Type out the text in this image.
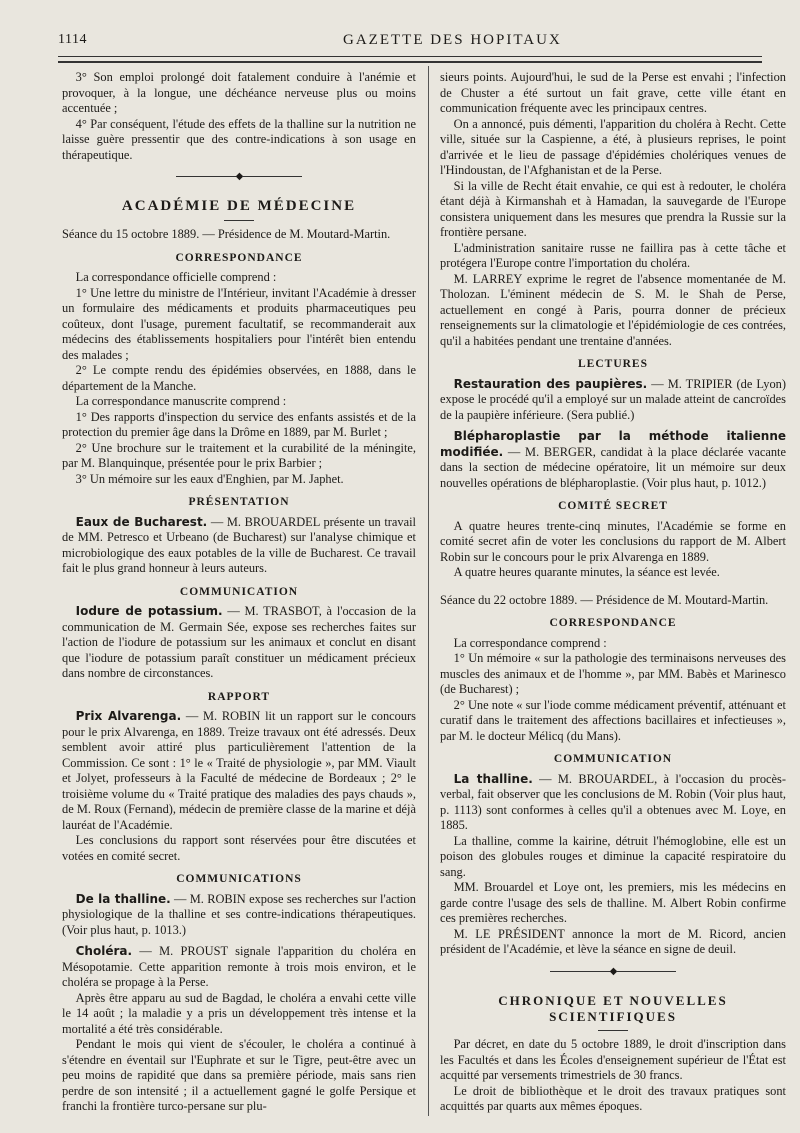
1114	GAZETTE DES HOPITAUX

3° Son emploi prolongé doit fatalement conduire à l'anémie et provoquer, à la longue, une déchéance nerveuse plus ou moins accentuée ;

4° Par conséquent, l'étude des effets de la thalline sur la nutrition ne laisse guère pressentir que des contre-indications à son usage en thérapeutique.

◆
ACADÉMIE DE MÉDECINE

Séance du 15 octobre 1889. — Présidence de M. Moutard-Martin.

CORRESPONDANCE

La correspondance officielle comprend :

1° Une lettre du ministre de l'Intérieur, invitant l'Académie à dresser un formulaire des médicaments et produits pharmaceutiques peu coûteux, dont l'usage, purement facultatif, se recommanderait aux médecins des établissements hospitaliers pour l'intérêt bien entendu des malades ;

2° Le compte rendu des épidémies observées, en 1888, dans le département de la Manche.

La correspondance manuscrite comprend :

1° Des rapports d'inspection du service des enfants assistés et de la protection du premier âge dans la Drôme en 1889, par M. Burlet ;

2° Une brochure sur le traitement et la curabilité de la méningite, par M. Blanquinque, présentée pour le prix Barbier ;

3° Un mémoire sur les eaux d'Enghien, par M. Japhet.

PRÉSENTATION

Eaux de Bucharest. — M. BROUARDEL présente un travail de MM. Petresco et Urbeano (de Bucharest) sur l'analyse chimique et microbiologique des eaux potables de la ville de Bucharest. Ce travail fait le plus grand honneur à leurs auteurs.

COMMUNICATION

Iodure de potassium. — M. TRASBOT, à l'occasion de la communication de M. Germain Sée, expose ses recherches faites sur l'action de l'iodure de potassium sur les animaux et conclut en disant que l'iodure de potassium paraît constituer un médicament précieux dans nombre de circonstances.

RAPPORT

Prix Alvarenga. — M. ROBIN lit un rapport sur le concours pour le prix Alvarenga, en 1889. Treize travaux ont été adressés. Deux semblent avoir attiré plus particulièrement l'attention de la Commission. Ce sont : 1° le « Traité de physiologie », par MM. Viault et Jolyet, professeurs à la Faculté de médecine de Bordeaux ; 2° le troisième volume du « Traité pratique des maladies des pays chauds », de M. Roux (Fernand), médecin de première classe de la marine et déjà lauréat de l'Académie.

Les conclusions du rapport sont réservées pour être discutées et votées en comité secret.

COMMUNICATIONS

De la thalline. — M. ROBIN expose ses recherches sur l'action physiologique de la thalline et ses contre-indications thérapeutiques. (Voir plus haut, p. 1013.)

Choléra. — M. PROUST signale l'apparition du choléra en Mésopotamie. Cette apparition remonte à trois mois environ, et le choléra se propage à la Perse.

Après être apparu au sud de Bagdad, le choléra a envahi cette ville le 14 août ; la maladie y a pris un développement très intense et la mortalité a été très considérable.

Pendant le mois qui vient de s'écouler, le choléra a continué à s'étendre en éventail sur l'Euphrate et sur le Tigre, peut-être avec un peu moins de rapidité que dans sa première période, mais sans rien perdre de son intensité ; il a actuellement gagné le golfe Persique et franchi la frontière turco-persane sur plu-

sieurs points. Aujourd'hui, le sud de la Perse est envahi ; l'infection de Chuster a été surtout un fait grave, cette ville étant en communication fréquente avec les principaux centres.

On a annoncé, puis démenti, l'apparition du choléra à Recht. Cette ville, située sur la Caspienne, a été, à plusieurs reprises, le point d'arrivée et le lieu de passage d'épidémies cholériques venues de l'Hindoustan, de l'Afghanistan et de la Perse.

Si la ville de Recht était envahie, ce qui est à redouter, le choléra étant déjà à Kirmanshah et à Hamadan, la sauvegarde de l'Europe consistera uniquement dans les mesures que prendra la Russie sur la frontière persane.

L'administration sanitaire russe ne faillira pas à cette tâche et protégera l'Europe contre l'importation du choléra.

M. LARREY exprime le regret de l'absence momentanée de M. Tholozan. L'éminent médecin de S. M. le Shah de Perse, actuellement en congé à Paris, pourra donner de précieux renseignements sur la climatologie et l'épidémiologie de ces contrées, qu'il a habitées pendant une trentaine d'années.

LECTURES

Restauration des paupières. — M. TRIPIER (de Lyon) expose le procédé qu'il a employé sur un malade atteint de cancroïdes de la paupière inférieure. (Sera publié.)

Blépharoplastie par la méthode italienne modifiée. — M. BERGER, candidat à la place déclarée vacante dans la section de médecine opératoire, lit un mémoire sur deux nouvelles opérations de blépharoplastie. (Voir plus haut, p. 1012.)

COMITÉ SECRET

A quatre heures trente-cinq minutes, l'Académie se forme en comité secret afin de voter les conclusions du rapport de M. Albert Robin sur le concours pour le prix Alvarenga en 1889.

A quatre heures quarante minutes, la séance est levée.

Séance du 22 octobre 1889. — Présidence de M. Moutard-Martin.

CORRESPONDANCE

La correspondance comprend :

1° Un mémoire « sur la pathologie des terminaisons nerveuses des muscles des animaux et de l'homme », par MM. Babès et Marinesco (de Bucharest) ;

2° Une note « sur l'iode comme médicament préventif, atténuant et curatif dans le traitement des affections bacillaires et infectieuses », par M. le docteur Mélicq (du Mans).

COMMUNICATION

La thalline. — M. BROUARDEL, à l'occasion du procès-verbal, fait observer que les conclusions de M. Robin (Voir plus haut, p. 1113) sont conformes à celles qu'il a obtenues avec M. Loye, en 1885.

La thalline, comme la kairine, détruit l'hémoglobine, elle est un poison des globules rouges et diminue la capacité respiratoire du sang.

MM. Brouardel et Loye ont, les premiers, mis les médecins en garde contre l'usage des sels de thalline. M. Albert Robin confirme ces premières recherches.

M. LE PRÉSIDENT annonce la mort de M. Ricord, ancien président de l'Académie, et lève la séance en signe de deuil.

◆
CHRONIQUE ET NOUVELLES SCIENTIFIQUES

Par décret, en date du 5 octobre 1889, le droit d'inscription dans les Facultés et dans les Écoles d'enseignement supérieur de l'État est acquitté par versements trimestriels de 30 francs.

Le droit de bibliothèque et le droit des travaux pratiques sont acquittés par quarts aux mêmes époques.
